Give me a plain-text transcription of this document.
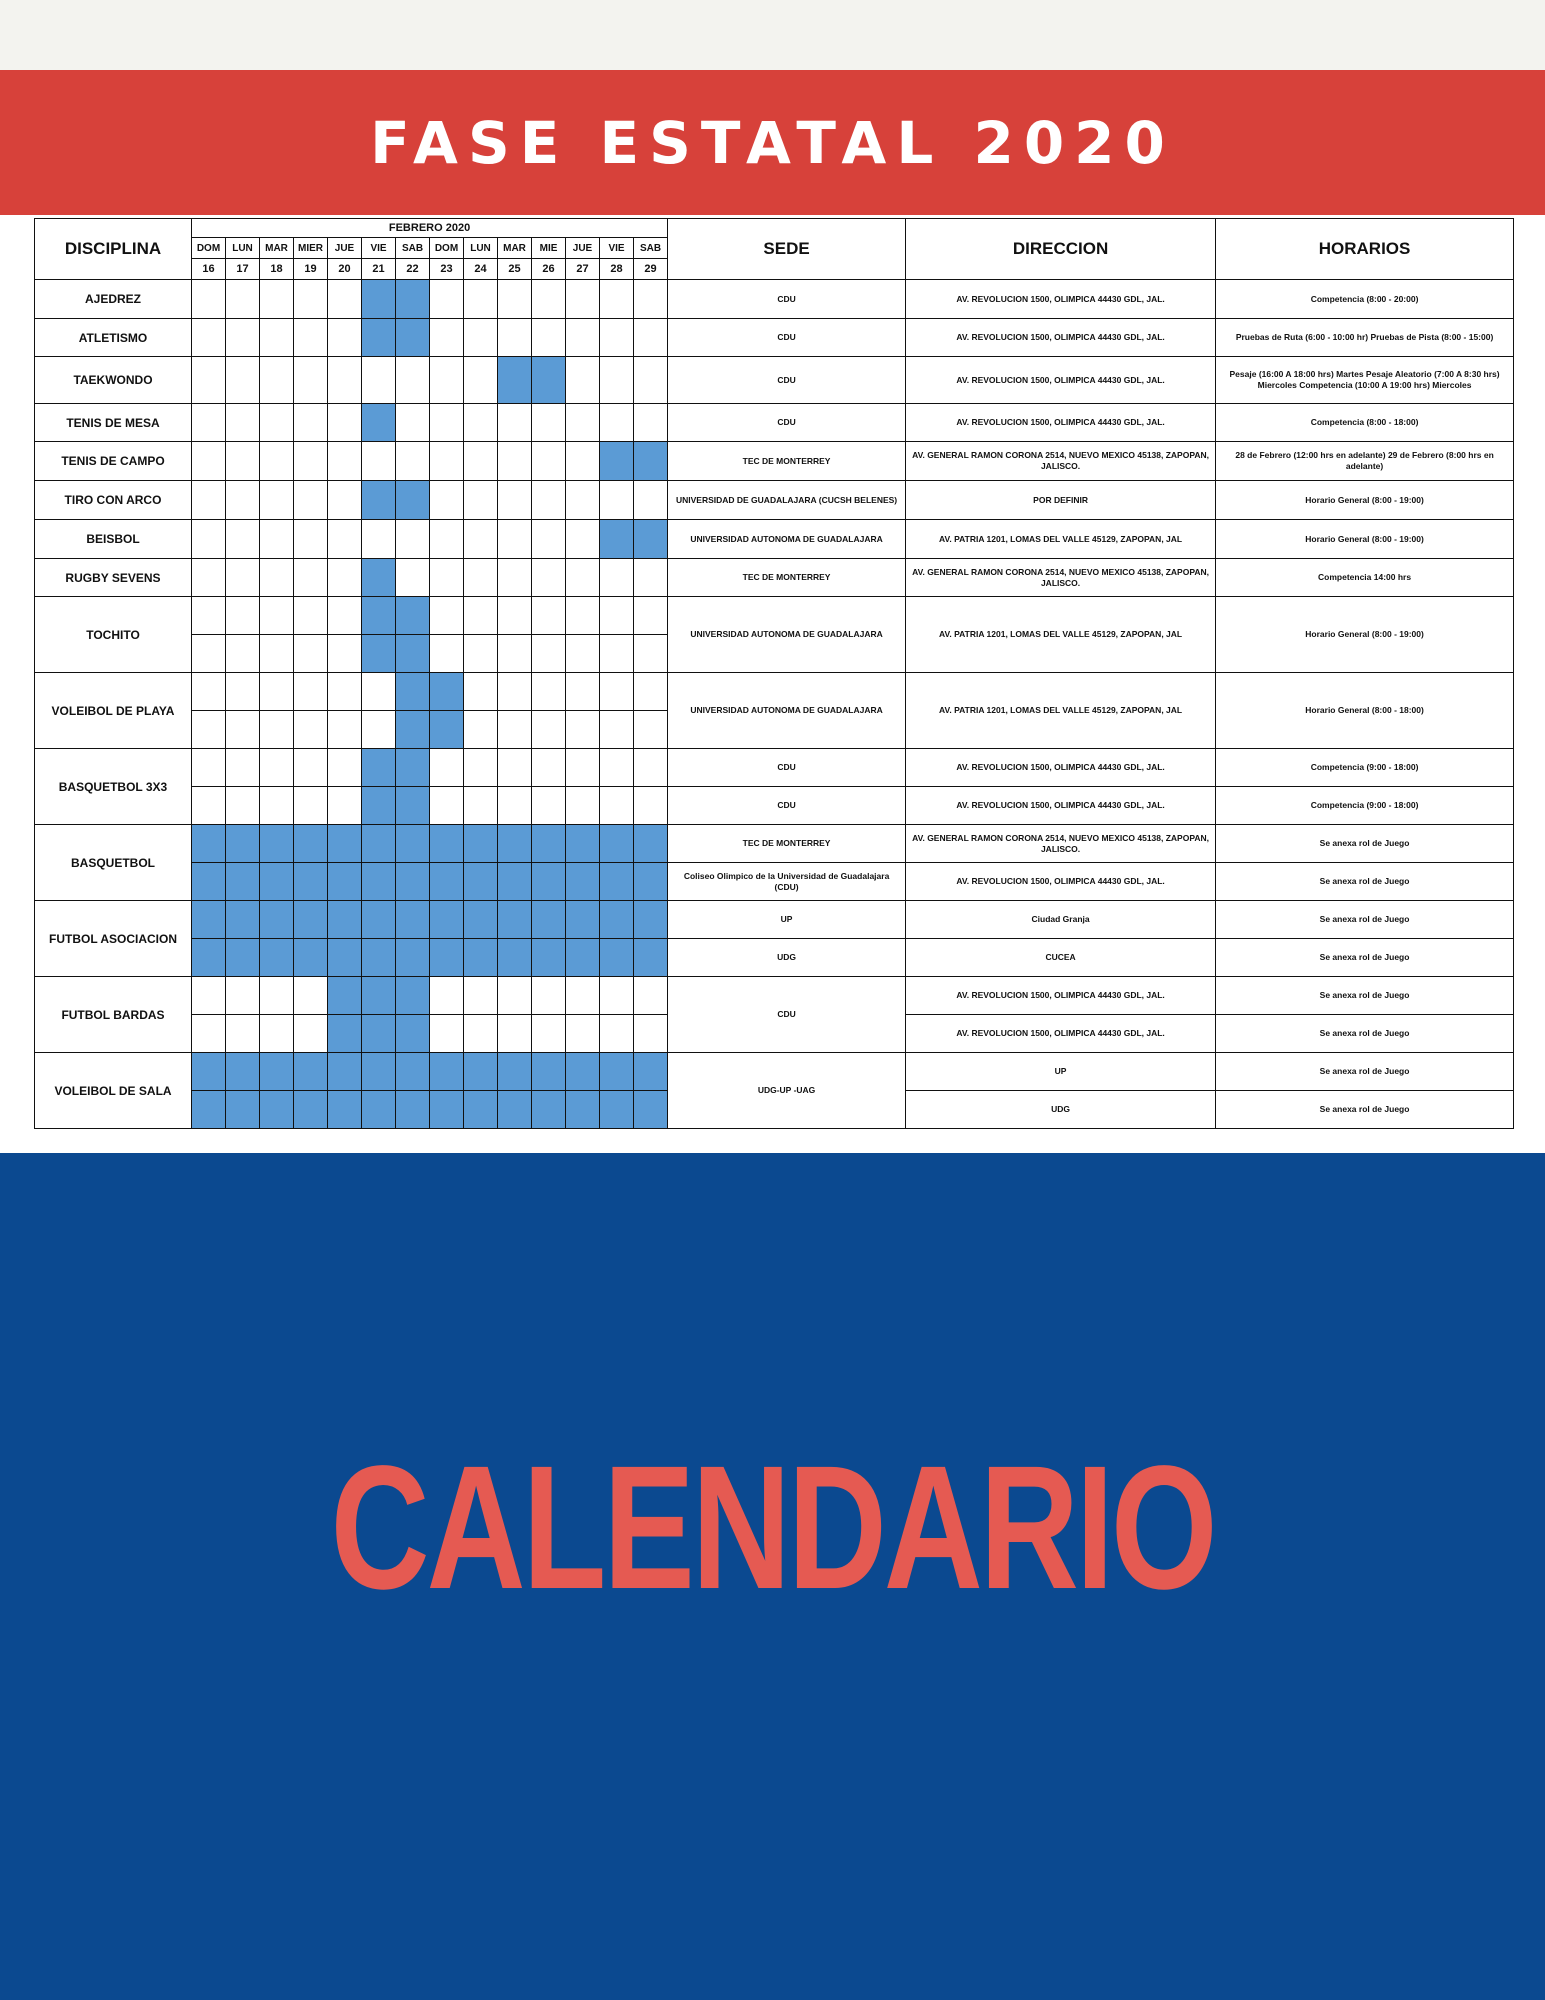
FASE ESTATAL 2020
DISCIPLINA	FEBRERO 2020														SEDE	DIRECCION	HORARIOS
	DOM	LUN	MAR	MIER	JUE	VIE	SAB	DOM	LUN	MAR	MIE	JUE	VIE	SAB			
	16	17	18	19	20	21	22	23	24	25	26	27	28	29			
AJEDREZ															CDU	AV. REVOLUCION 1500, OLIMPICA 44430 GDL, JAL.	Competencia (8:00 - 20:00)
ATLETISMO															CDU	AV. REVOLUCION 1500, OLIMPICA 44430 GDL, JAL.	Pruebas de Ruta (6:00 - 10:00 hr) Pruebas de Pista (8:00 - 15:00)
TAEKWONDO															CDU	AV. REVOLUCION 1500, OLIMPICA 44430 GDL, JAL.	Pesaje (16:00 A 18:00 hrs) Martes Pesaje Aleatorio (7:00 A 8:30 hrs) Miercoles Competencia (10:00 A 19:00 hrs) Miercoles
TENIS DE MESA															CDU	AV. REVOLUCION 1500, OLIMPICA 44430 GDL, JAL.	Competencia (8:00 - 18:00)
TENIS DE CAMPO															TEC DE MONTERREY	AV. GENERAL RAMON CORONA 2514, NUEVO MEXICO 45138, ZAPOPAN, JALISCO.	28 de Febrero (12:00 hrs en adelante) 29 de Febrero (8:00 hrs en adelante)
TIRO CON ARCO															UNIVERSIDAD DE GUADALAJARA (CUCSH BELENES)	POR DEFINIR	Horario General (8:00 - 19:00)
BEISBOL															UNIVERSIDAD AUTONOMA DE GUADALAJARA	AV. PATRIA 1201, LOMAS DEL VALLE 45129, ZAPOPAN, JAL	Horario General (8:00 - 19:00)
RUGBY SEVENS															TEC DE MONTERREY	AV. GENERAL RAMON CORONA 2514, NUEVO MEXICO 45138, ZAPOPAN, JALISCO.	Competencia 14:00 hrs
TOCHITO															UNIVERSIDAD AUTONOMA DE GUADALAJARA	AV. PATRIA 1201, LOMAS DEL VALLE 45129, ZAPOPAN, JAL	Horario General (8:00 - 19:00)

VOLEIBOL DE PLAYA															UNIVERSIDAD AUTONOMA DE GUADALAJARA	AV. PATRIA 1201, LOMAS DEL VALLE 45129, ZAPOPAN, JAL	Horario General (8:00 - 18:00)

BASQUETBOL 3X3															CDU	AV. REVOLUCION 1500, OLIMPICA 44430 GDL, JAL.	Competencia (9:00 - 18:00)
															CDU	AV. REVOLUCION 1500, OLIMPICA 44430 GDL, JAL.	Competencia (9:00 - 18:00)
BASQUETBOL															TEC DE MONTERREY	AV. GENERAL RAMON CORONA 2514, NUEVO MEXICO 45138, ZAPOPAN, JALISCO.	Se anexa rol de Juego
															Coliseo Olimpico de la Universidad de Guadalajara (CDU)	AV. REVOLUCION 1500, OLIMPICA 44430 GDL, JAL.	Se anexa rol de Juego
FUTBOL ASOCIACION															UP	Ciudad Granja	Se anexa rol de Juego
															UDG	CUCEA	Se anexa rol de Juego
FUTBOL BARDAS															CDU	AV. REVOLUCION 1500, OLIMPICA 44430 GDL, JAL.	Se anexa rol de Juego
																AV. REVOLUCION 1500, OLIMPICA 44430 GDL, JAL.	Se anexa rol de Juego
VOLEIBOL DE SALA															UDG-UP -UAG	UP	Se anexa rol de Juego
																UDG	Se anexa rol de Juego
CALENDARIO
